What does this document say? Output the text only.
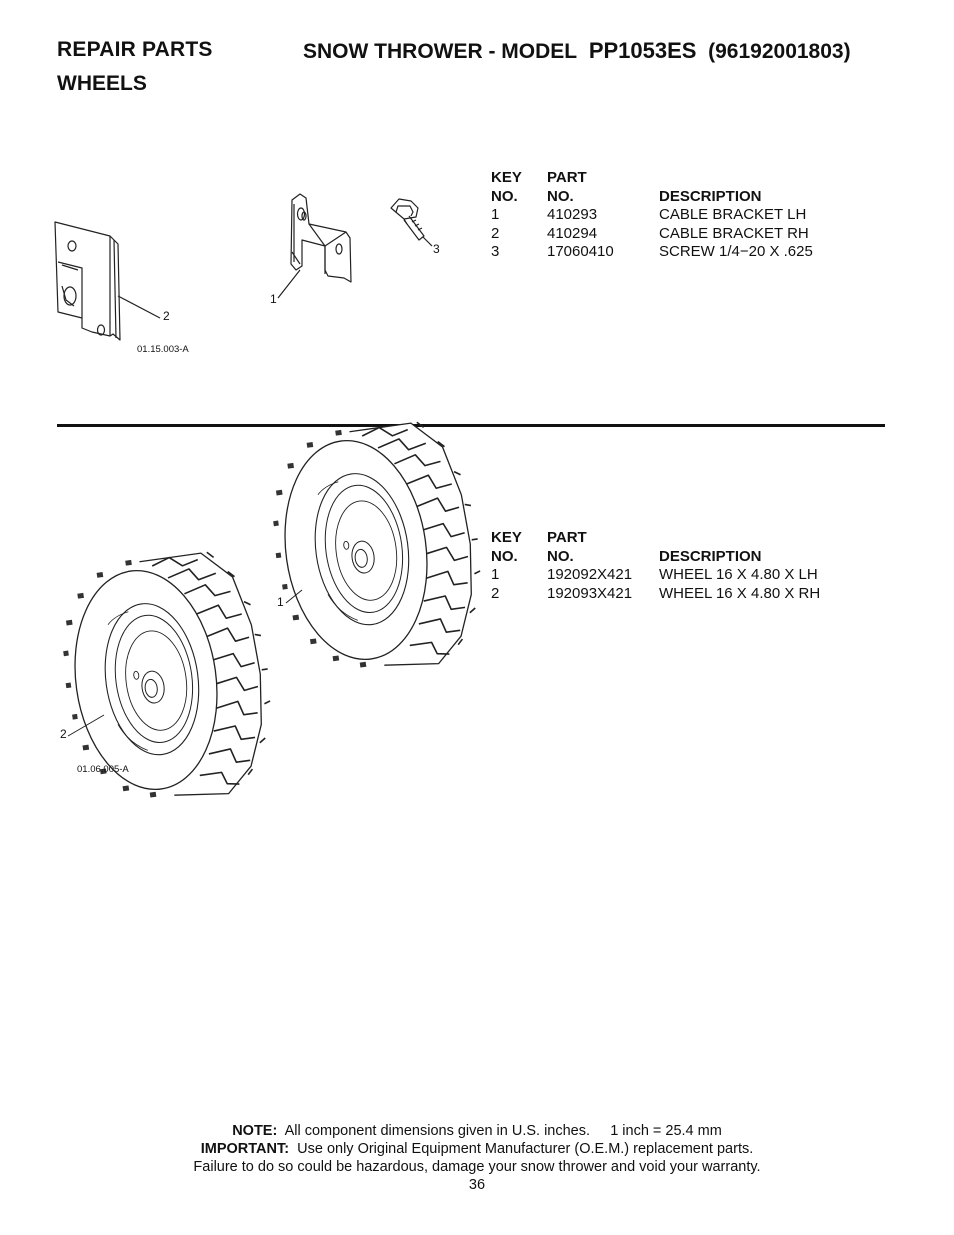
REPAIR PARTS	SNOW THROWER - MODEL PP1053ES (96192001803)
WHEELS
2
1
3
01.15.003-A
KEY
NO.
PART
NO.	DESCRIPTION
1	410293	CABLE BRACKET LH
2	410294	CABLE BRACKET RH
3	17060410	SCREW 1/4−20 X .625
1
2
01.06.005-A
KEY
NO.
PART
NO.	DESCRIPTION
1	192092X421 WHEEL 16 X 4.80 X LH
2	192093X421 WHEEL 16 X 4.80 X RH
NOTE: All component dimensions given in U.S. inches. 1 inch = 25.4 mm
IMPORTANT: Use only Original Equipment Manufacturer (O.E.M.) replacement parts.
Failure to do so could be hazardous, damage your snow thrower and void your warranty.
36
